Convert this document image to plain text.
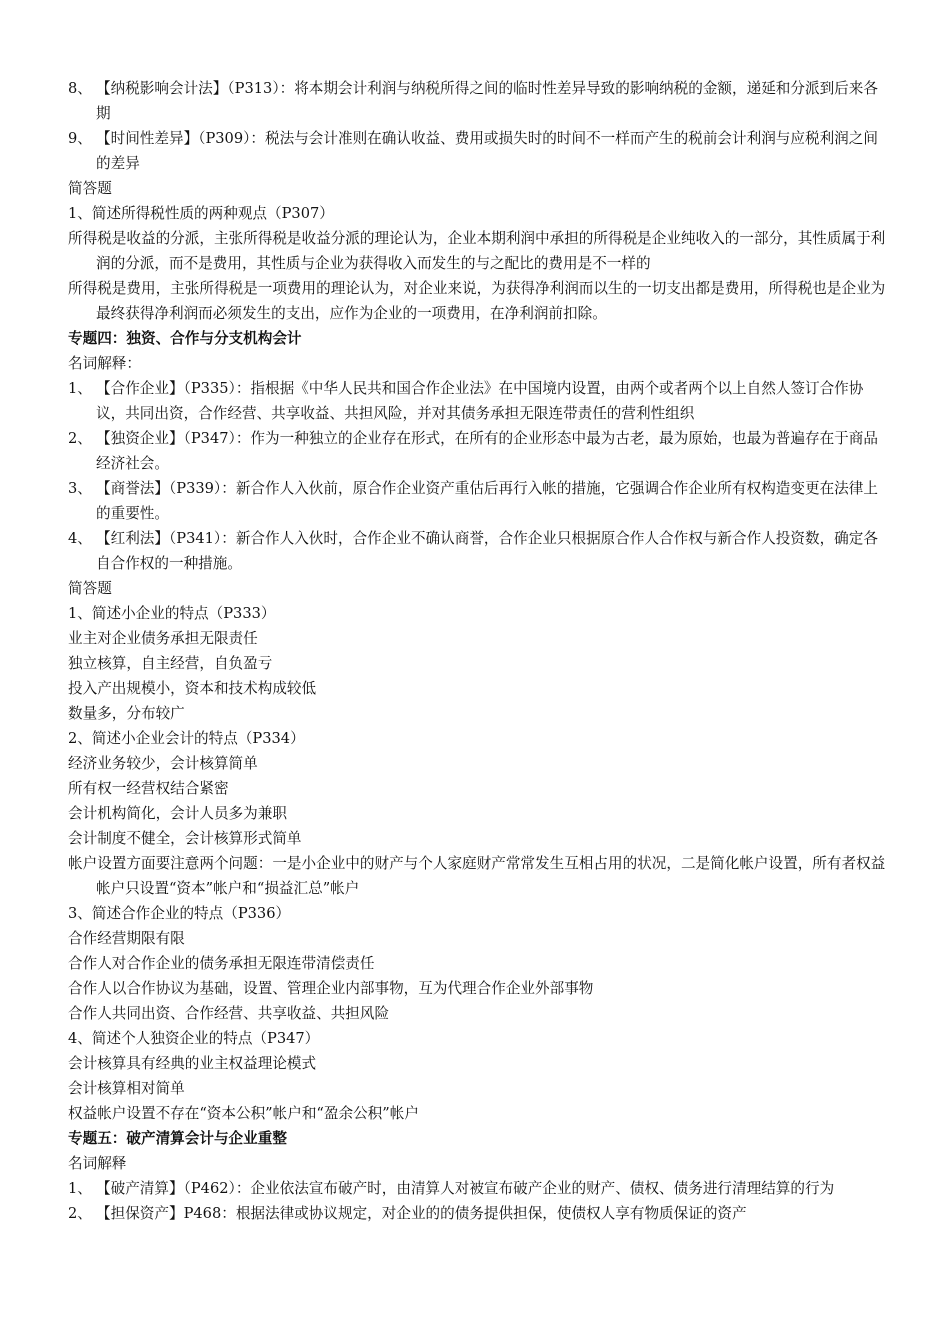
8、 【纳税影响会计法】（P313）：将本期会计利润与纳税所得之间的临时性差异导致的影响纳税的金额，递延和分派到后来各期
9、 【时间性差异】（P309）：税法与会计准则在确认收益、费用或损失时的时间不一样而产生的税前会计利润与应税利润之间的差异
简答题
1、简述所得税性质的两种观点（P307）
所得税是收益的分派，主张所得税是收益分派的理论认为，企业本期利润中承担的所得税是企业纯收入的一部分，其性质属于利润的分派，而不是费用，其性质与企业为获得收入而发生的与之配比的费用是不一样的
所得税是费用，主张所得税是一项费用的理论认为，对企业来说，为获得净利润而以生的一切支出都是费用，所得税也是企业为最终获得净利润而必须发生的支出，应作为企业的一项费用，在净利润前扣除。
专题四：独资、合作与分支机构会计
名词解释：
1、 【合作企业】（P335）：指根据《中华人民共和国合作企业法》在中国境内设置，由两个或者两个以上自然人签订合作协议，共同出资，合作经营、共享收益、共担风险，并对其债务承担无限连带责任的营利性组织
2、 【独资企业】（P347）：作为一种独立的企业存在形式，在所有的企业形态中最为古老，最为原始，也最为普遍存在于商品经济社会。
3、 【商誉法】（P339）：新合作人入伙前，原合作企业资产重估后再行入帐的措施，它强调合作企业所有权构造变更在法律上的重要性。
4、 【红利法】（P341）：新合作人入伙时，合作企业不确认商誉，合作企业只根据原合作人合作权与新合作人投资数，确定各自合作权的一种措施。
简答题
1、简述小企业的特点（P333）
业主对企业债务承担无限责任
独立核算，自主经营，自负盈亏
投入产出规模小，资本和技术构成较低
数量多，分布较广
2、简述小企业会计的特点（P334）
经济业务较少，会计核算简单
所有权一经营权结合紧密
会计机构简化，会计人员多为兼职
会计制度不健全，会计核算形式简单
帐户设置方面要注意两个问题：一是小企业中的财产与个人家庭财产常常发生互相占用的状况，二是简化帐户设置，所有者权益帐户只设置“资本”帐户和“损益汇总”帐户
3、简述合作企业的特点（P336）
合作经营期限有限
合作人对合作企业的债务承担无限连带清偿责任
合作人以合作协议为基础，设置、管理企业内部事物，互为代理合作企业外部事物
合作人共同出资、合作经营、共享收益、共担风险
4、简述个人独资企业的特点（P347）
会计核算具有经典的业主权益理论模式
会计核算相对简单
权益帐户设置不存在“资本公积”帐户和“盈余公积”帐户
专题五：破产清算会计与企业重整
名词解释
1、 【破产清算】（P462）：企业依法宣布破产时，由清算人对被宣布破产企业的财产、债权、债务进行清理结算的行为
2、 【担保资产】P468：根据法律或协议规定，对企业的的债务提供担保，使债权人享有物质保证的资产
